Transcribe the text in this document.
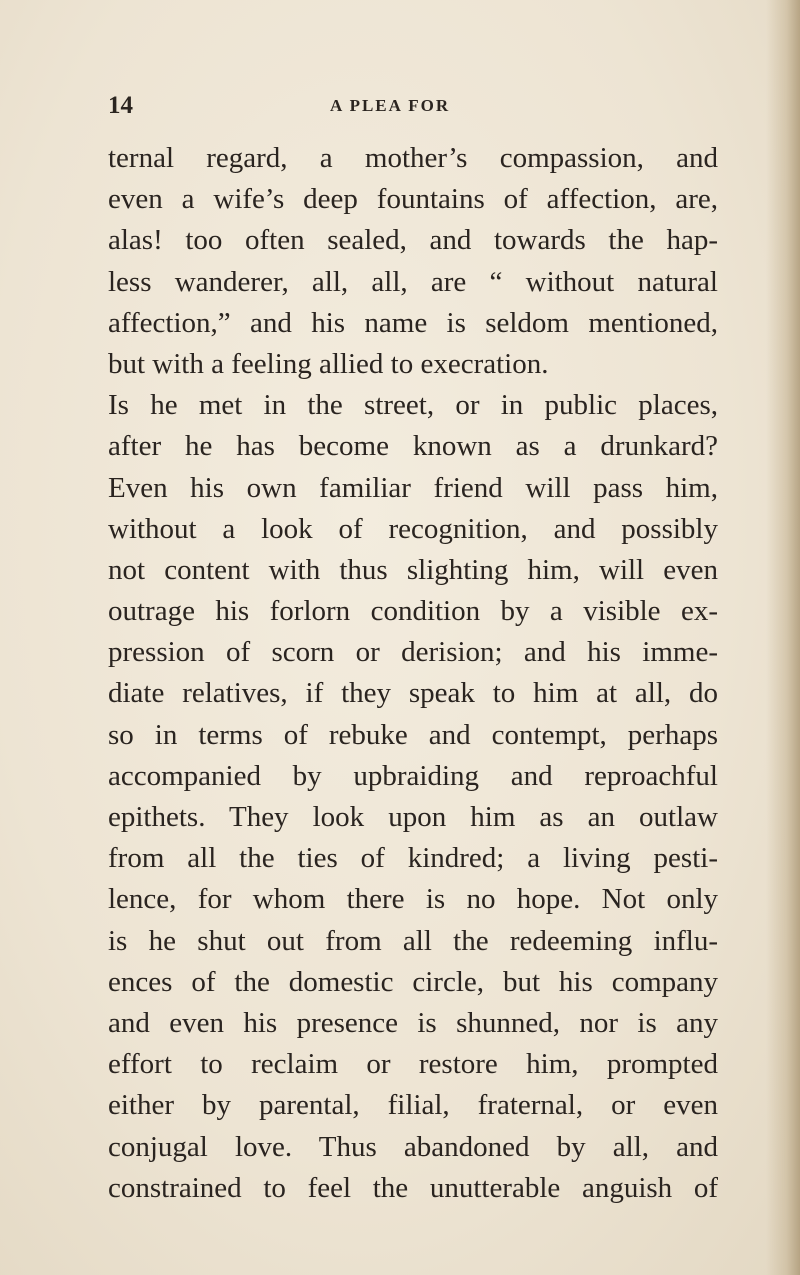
14	A PLEA FOR
ternal regard, a mother’s compassion, and
even a wife’s deep fountains of affection, are,
alas! too often sealed, and towards the hap-
less wanderer, all, all, are “ without natural
affection,” and his name is seldom mentioned,
but with a feeling allied to execration.
Is he met in the street, or in public places,
after he has become known as a drunkard?
Even his own familiar friend will pass him,
without a look of recognition, and possibly
not content with thus slighting him, will even
outrage his forlorn condition by a visible ex-
pression of scorn or derision; and his imme-
diate relatives, if they speak to him at all, do
so in terms of rebuke and contempt, perhaps
accompanied by upbraiding and reproachful
epithets. They look upon him as an outlaw
from all the ties of kindred; a living pesti-
lence, for whom there is no hope. Not only
is he shut out from all the redeeming influ-
ences of the domestic circle, but his company
and even his presence is shunned, nor is any
effort to reclaim or restore him, prompted
either by parental, filial, fraternal, or even
conjugal love. Thus abandoned by all, and
constrained to feel the unutterable anguish of
